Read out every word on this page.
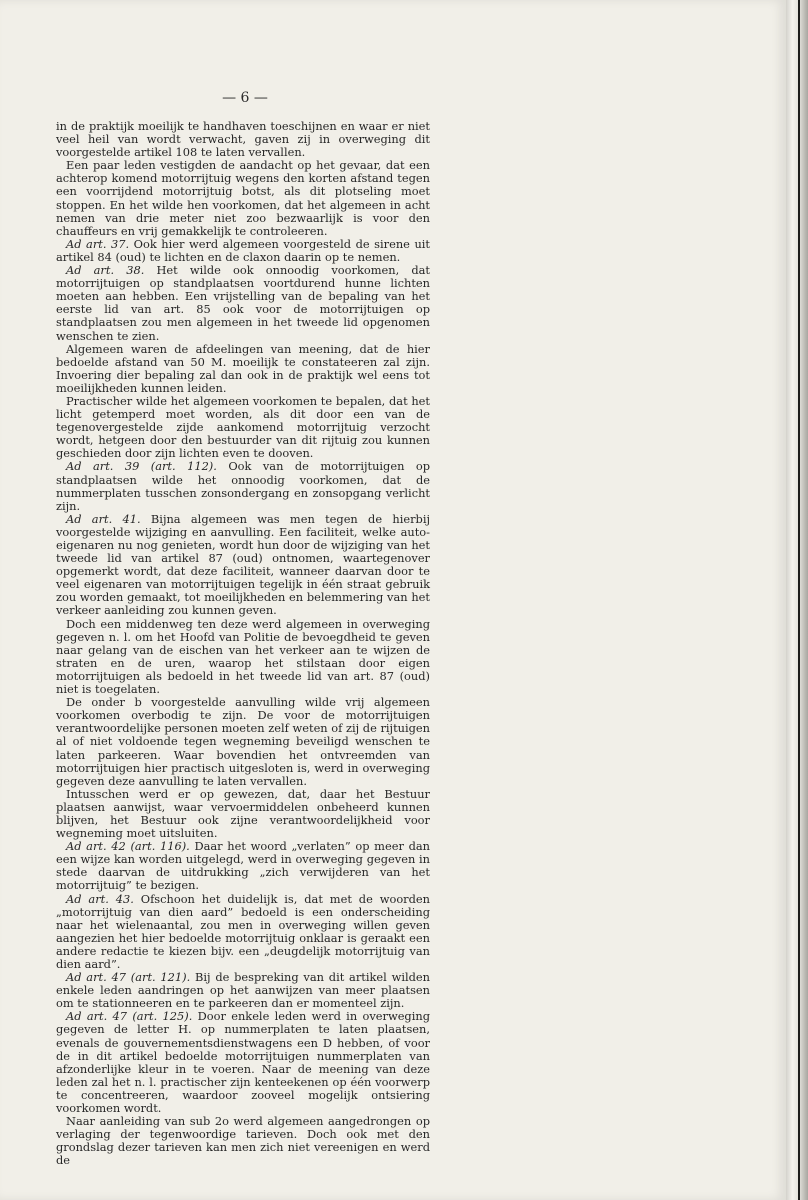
— 6 —

in de praktijk moeilijk te handhaven toeschijnen en waar er niet veel heil van wordt verwacht, gaven zij in overweging dit voorgestelde artikel 108 te laten vervallen.

Een paar leden vestigden de aandacht op het gevaar, dat een achterop komend motorrijtuig wegens den korten afstand tegen een voorrijdend motorrijtuig botst, als dit plotseling moet stoppen. En het wilde hen voorkomen, dat het algemeen in acht nemen van drie meter niet zoo bezwaarlijk is voor den chauffeurs en vrij gemakkelijk te controleeren.

Ad art. 37. Ook hier werd algemeen voorgesteld de sirene uit artikel 84 (oud) te lichten en de claxon daarin op te nemen.

Ad art. 38. Het wilde ook onnoodig voorkomen, dat motorrijtuigen op standplaatsen voortdurend hunne lichten moeten aan hebben. Een vrijstelling van de bepaling van het eerste lid van art. 85 ook voor de motorrijtuigen op standplaatsen zou men algemeen in het tweede lid opgenomen wenschen te zien.

Algemeen waren de afdeelingen van meening, dat de hier bedoelde afstand van 50 M. moeilijk te constateeren zal zijn. Invoering dier bepaling zal dan ook in de praktijk wel eens tot moeilijkheden kunnen leiden.

Practischer wilde het algemeen voorkomen te bepalen, dat het licht getemperd moet worden, als dit door een van de tegenovergestelde zijde aankomend motorrijtuig verzocht wordt, hetgeen door den bestuurder van dit rijtuig zou kunnen geschieden door zijn lichten even te dooven.

Ad art. 39 (art. 112). Ook van de motorrijtuigen op standplaatsen wilde het onnoodig voorkomen, dat de nummerplaten tusschen zonsondergang en zonsopgang verlicht zijn.

Ad art. 41. Bijna algemeen was men tegen de hierbij voorgestelde wijziging en aanvulling. Een faciliteit, welke auto-eigenaren nu nog genieten, wordt hun door de wijziging van het tweede lid van artikel 87 (oud) ontnomen, waartegenover opgemerkt wordt, dat deze faciliteit, wanneer daarvan door te veel eigenaren van motorrijtuigen tegelijk in één straat gebruik zou worden gemaakt, tot moeilijkheden en belemmering van het verkeer aanleiding zou kunnen geven.

Doch een middenweg ten deze werd algemeen in overweging gegeven n. l. om het Hoofd van Politie de bevoegdheid te geven naar gelang van de eischen van het verkeer aan te wijzen de straten en de uren, waarop het stilstaan door eigen motorrijtuigen als bedoeld in het tweede lid van art. 87 (oud) niet is toegelaten.

De onder b voorgestelde aanvulling wilde vrij algemeen voorkomen overbodig te zijn. De voor de motorrijtuigen verantwoordelijke personen moeten zelf weten of zij de rijtuigen al of niet voldoende tegen wegneming beveiligd wenschen te laten parkeeren. Waar bovendien het ontvreemden van motorrijtuigen hier practisch uitgesloten is, werd in overweging gegeven deze aanvulling te laten vervallen.

Intusschen werd er op gewezen, dat, daar het Bestuur plaatsen aanwijst, waar vervoermiddelen onbeheerd kunnen blijven, het Bestuur ook zijne verantwoordelijkheid voor wegneming moet uitsluiten.

Ad art. 42 (art. 116). Daar het woord „verlaten” op meer dan een wijze kan worden uitgelegd, werd in overweging gegeven in stede daarvan de uitdrukking „zich verwijderen van het motorrijtuig” te bezigen.

Ad art. 43. Ofschoon het duidelijk is, dat met de woorden „motorrijtuig van dien aard” bedoeld is een onderscheiding naar het wielenaantal, zou men in overweging willen geven aangezien het hier bedoelde motorrijtuig onklaar is geraakt een andere redactie te kiezen bijv. een „deugdelijk motorrijtuig van dien aard”.

Ad art. 47 (art. 121). Bij de bespreking van dit artikel wilden enkele leden aandringen op het aanwijzen van meer plaatsen om te stationneeren en te parkeeren dan er momenteel zijn.

Ad art. 47 (art. 125). Door enkele leden werd in overweging gegeven de letter H. op nummerplaten te laten plaatsen, evenals de gouvernementsdienstwagens een D hebben, of voor de in dit artikel bedoelde motorrijtuigen nummerplaten van afzonderlijke kleur in te voeren. Naar de meening van deze leden zal het n. l. practischer zijn kenteekenen op één voorwerp te concentreeren, waardoor zooveel mogelijk ontsiering voorkomen wordt.

Naar aanleiding van sub 2o werd algemeen aangedrongen op verlaging der tegenwoordige tarieven. Doch ook met den grondslag dezer tarieven kan men zich niet vereenigen en werd de
